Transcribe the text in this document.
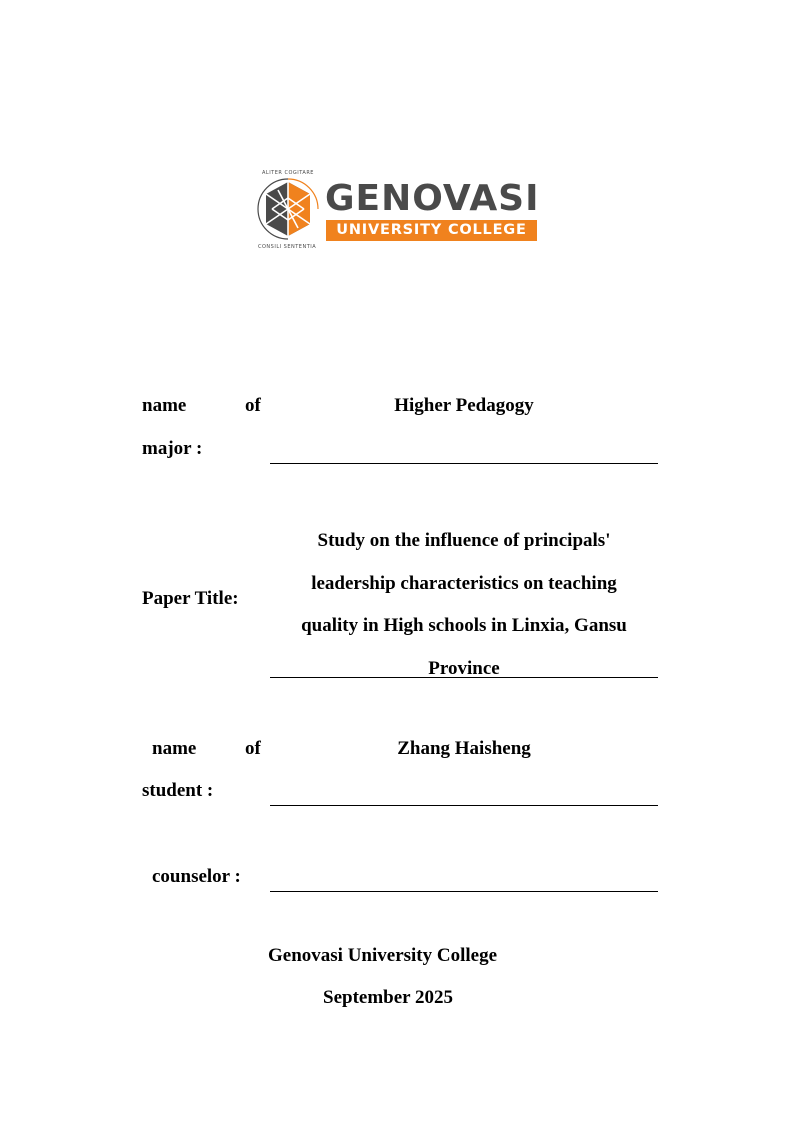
ALITER COGITARE
CONSILI SENTENTIA
GENOVASI
UNIVERSITY COLLEGE
name	of
major :
Higher Pedagogy
Paper Title:
Study on the influence of principals'
leadership characteristics on teaching
quality in High schools in Linxia, Gansu
Province
name	of
student :
Zhang Haisheng
counselor :
Genovasi University College
September 2025
